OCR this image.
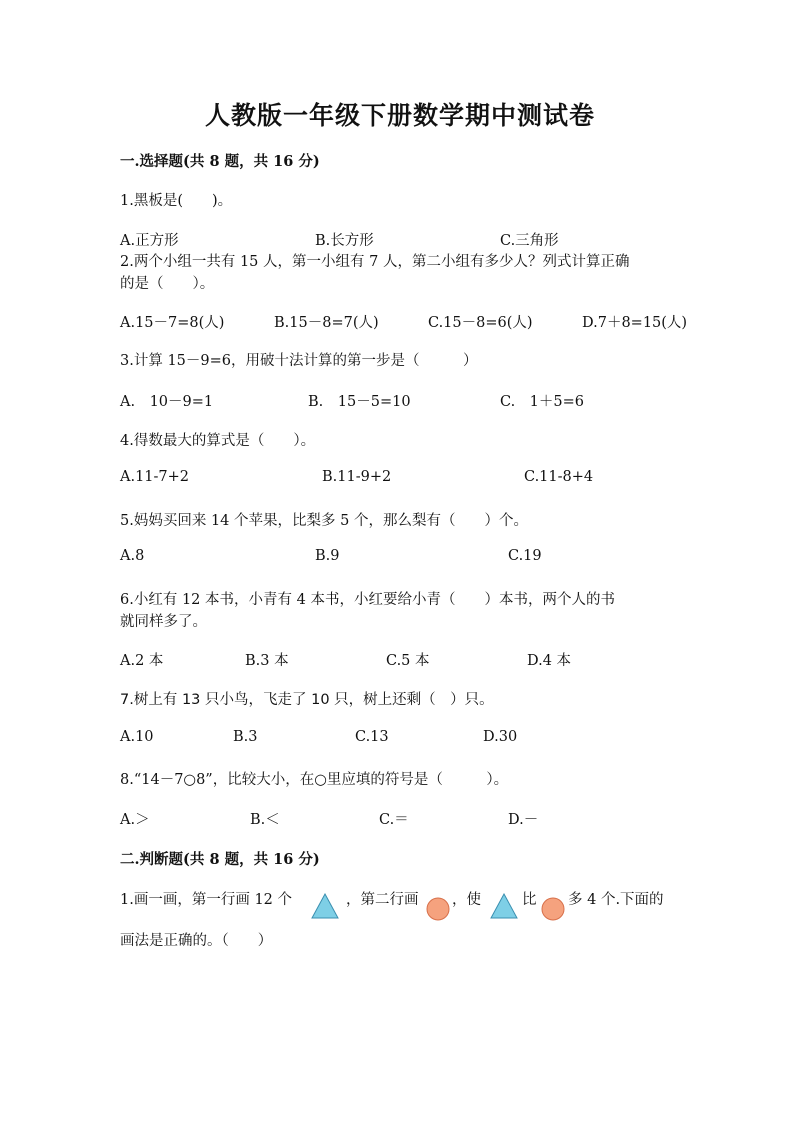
人教版一年级下册数学期中测试卷
一.选择题(共 8 题，共 16 分)
1.黑板是(　　)。
A.正方形	B.长方形	C.三角形
2.两个小组一共有 15 人，第一小组有 7 人，第二小组有多少人？列式计算正确
的是（　　）。
A.15－7=8(人)	B.15－8=7(人)	C.15－8=6(人)	D.7＋8=15(人)
3.计算 15－9=6，用破十法计算的第一步是（　　　）
A.　10－9=1	B.　15－5=10	C.　1＋5=6
4.得数最大的算式是（　　）。
A.11-7+2	B.11-9+2	C.11-8+4
5.妈妈买回来 14 个苹果，比梨多 5 个，那么梨有（　　）个。
A.8	B.9	C.19
6.小红有 12 本书，小青有 4 本书，小红要给小青（　　）本书，两个人的书
就同样多了。
A.2 本	B.3 本	C.5 本	D.4 本
7.树上有 13 只小鸟，飞走了 10 只，树上还剩（　）只。
A.10	B.3	C.13	D.30
8.“14－7○8”，比较大小，在○里应填的符号是（　　　）。
A.＞	B.＜	C.＝	D.－
二.判断题(共 8 题，共 16 分)
1.画一画，第一行画 12 个	，第二行画 ，使	比 多 4 个.下面的
画法是正确的。（　　）
